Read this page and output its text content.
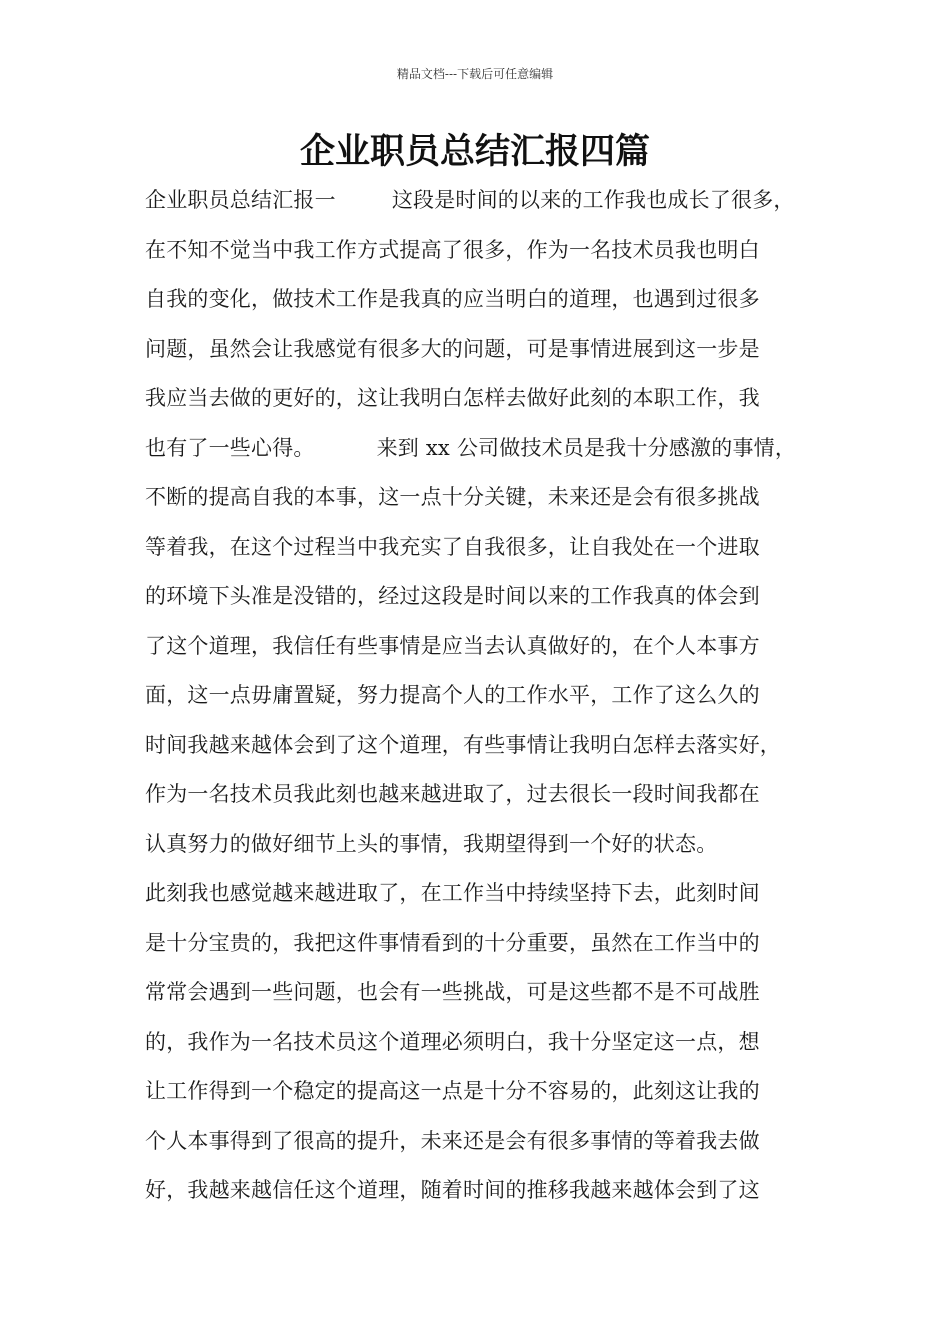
精品文档---下载后可任意编辑
企业职员总结汇报四篇
企业职员总结汇报一	这段是时间的以来的工作我也成长了很多，
在不知不觉当中我工作方式提高了很多，作为一名技术员我也明白
自我的变化，做技术工作是我真的应当明白的道理，也遇到过很多
问题，虽然会让我感觉有很多大的问题，可是事情进展到这一步是
我应当去做的更好的，这让我明白怎样去做好此刻的本职工作，我
也有了一些心得。	来到 xx 公司做技术员是我十分感激的事情，
不断的提高自我的本事，这一点十分关键，未来还是会有很多挑战
等着我，在这个过程当中我充实了自我很多，让自我处在一个进取
的环境下头准是没错的，经过这段是时间以来的工作我真的体会到
了这个道理，我信任有些事情是应当去认真做好的，在个人本事方
面，这一点毋庸置疑，努力提高个人的工作水平，工作了这么久的
时间我越来越体会到了这个道理，有些事情让我明白怎样去落实好，
作为一名技术员我此刻也越来越进取了，过去很长一段时间我都在
认真努力的做好细节上头的事情，我期望得到一个好的状态。
此刻我也感觉越来越进取了，在工作当中持续坚持下去，此刻时间
是十分宝贵的，我把这件事情看到的十分重要，虽然在工作当中的
常常会遇到一些问题，也会有一些挑战，可是这些都不是不可战胜
的，我作为一名技术员这个道理必须明白，我十分坚定这一点，想
让工作得到一个稳定的提高这一点是十分不容易的，此刻这让我的
个人本事得到了很高的提升，未来还是会有很多事情的等着我去做
好，我越来越信任这个道理，随着时间的推移我越来越体会到了这
